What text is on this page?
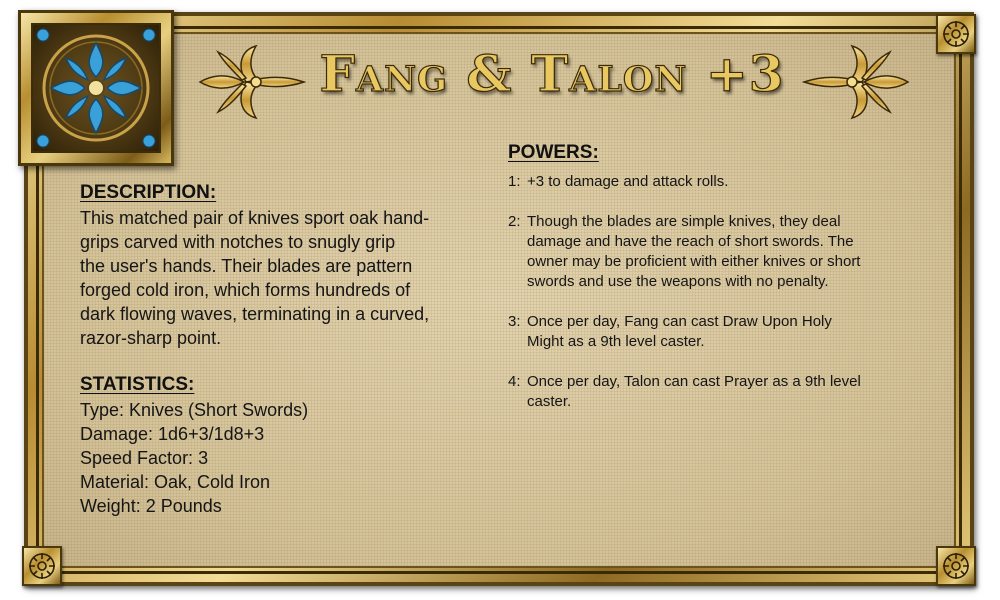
Fang & Talon +3
DESCRIPTION:
This matched pair of knives sport oak hand-
grips carved with notches to snugly grip
the user's hands. Their blades are pattern
forged cold iron, which forms hundreds of
dark flowing waves, terminating in a curved,
razor-sharp point.
STATISTICS:
Type: Knives (Short Swords)
Damage: 1d6+3/1d8+3
Speed Factor: 3
Material: Oak, Cold Iron
Weight: 2 Pounds
POWERS:
1: +3 to damage and attack rolls.
2: Though the blades are simple knives, they deal
damage and have the reach of short swords. The
owner may be proficient with either knives or short
swords and use the weapons with no penalty.
3: Once per day, Fang can cast Draw Upon Holy
Might as a 9th level caster.
4: Once per day, Talon can cast Prayer as a 9th level
caster.
